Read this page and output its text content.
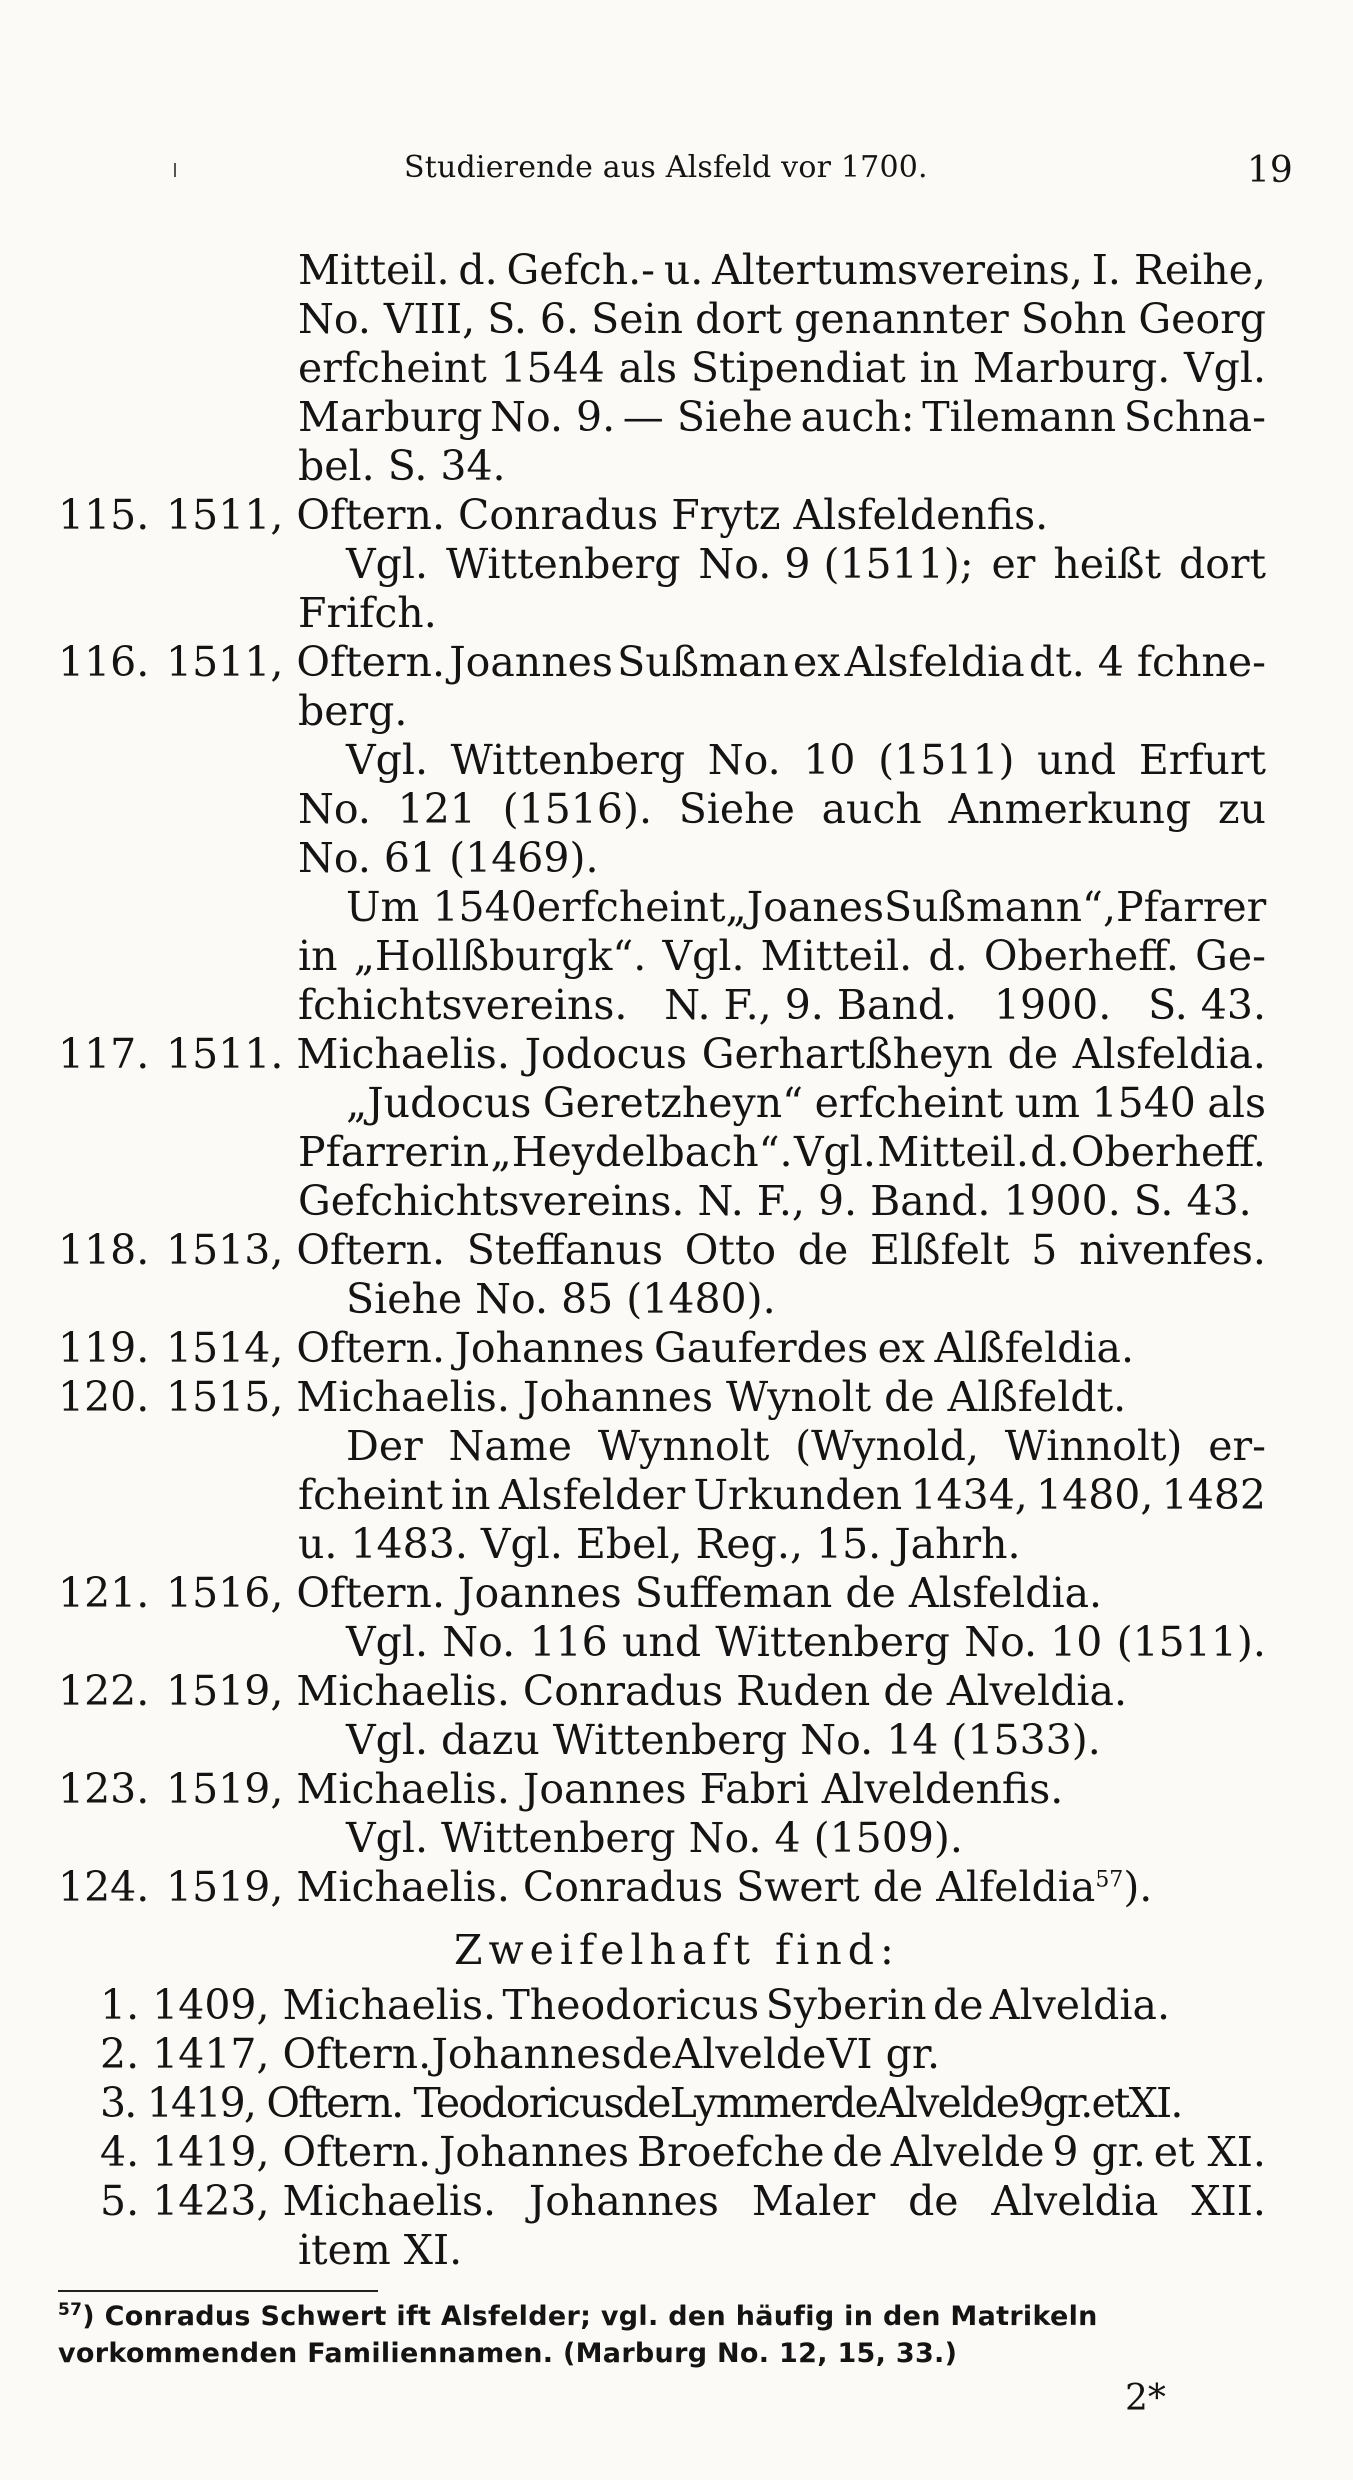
Studierende aus Alsfeld vor 1700.	19
Mitteil. d. Gefch.- u. Altertumsvereins, I. Reihe,
No. VIII, S. 6. Sein dort genannter Sohn Georg
erfcheint 1544 als Stipendiat in Marburg. Vgl.
Marburg No. 9. — Siehe auch: Tilemann Schna-
bel. S. 34.
115. 1511, Oftern. Conradus Frytz Alsfeldenfis.
Vgl. Wittenberg No. 9 (1511); er heißt dort
Frifch.
116. 1511, Oftern. Joannes Sußman ex Alsfeldia dt. 4 fchne-
berg.
Vgl. Wittenberg No. 10 (1511) und Erfurt
No. 121 (1516). Siehe auch Anmerkung zu
No. 61 (1469).
Um 1540 erfcheint „Joanes Sußmann“, Pfarrer
in „Hollßburgk“. Vgl. Mitteil. d. Oberheff. Ge-
fchichtsvereins. N. F., 9. Band. 1900. S. 43.
117. 1511. Michaelis. Jodocus Gerhartßheyn de Alsfeldia.
„Judocus Geretzheyn“ erfcheint um 1540 als
Pfarrer in „Heydelbach“. Vgl. Mitteil. d. Oberheff.
Gefchichtsvereins. N. F., 9. Band. 1900. S. 43.
118. 1513, Oftern. Steffanus Otto de Elßfelt 5 nivenfes.
Siehe No. 85 (1480).
119. 1514, Oftern. Johannes Gauferdes ex Alßfeldia.
120. 1515, Michaelis. Johannes Wynolt de Alßfeldt.
Der Name Wynnolt (Wynold, Winnolt) er-
fcheint in Alsfelder Urkunden 1434, 1480, 1482
u. 1483. Vgl. Ebel, Reg., 15. Jahrh.
121. 1516, Oftern. Joannes Suffeman de Alsfeldia.
Vgl. No. 116 und Wittenberg No. 10 (1511).
122. 1519, Michaelis. Conradus Ruden de Alveldia.
Vgl. dazu Wittenberg No. 14 (1533).
123. 1519, Michaelis. Joannes Fabri Alveldenfis.
Vgl. Wittenberg No. 4 (1509).
124. 1519, Michaelis. Conradus Swert de Alfeldia$^{57}$).
Zweifelhaft find:
1. 1409, Michaelis. Theodoricus Syberin de Alveldia.
2. 1417, Oftern. Johannes de Alvelde VI gr.
3. 1419, Oftern. TeodoricusdeLymmerdeAlvelde9gr.etXI.
4. 1419, Oftern. Johannes Broefche de Alvelde 9 gr. et XI.
5. 1423, Michaelis. Johannes Maler de Alveldia XII.
item XI.
$^{57}$) Conradus Schwert ift Alsfelder; vgl. den häufig in den Matrikeln
vorkommenden Familiennamen. (Marburg No. 12, 15, 33.)
2*
